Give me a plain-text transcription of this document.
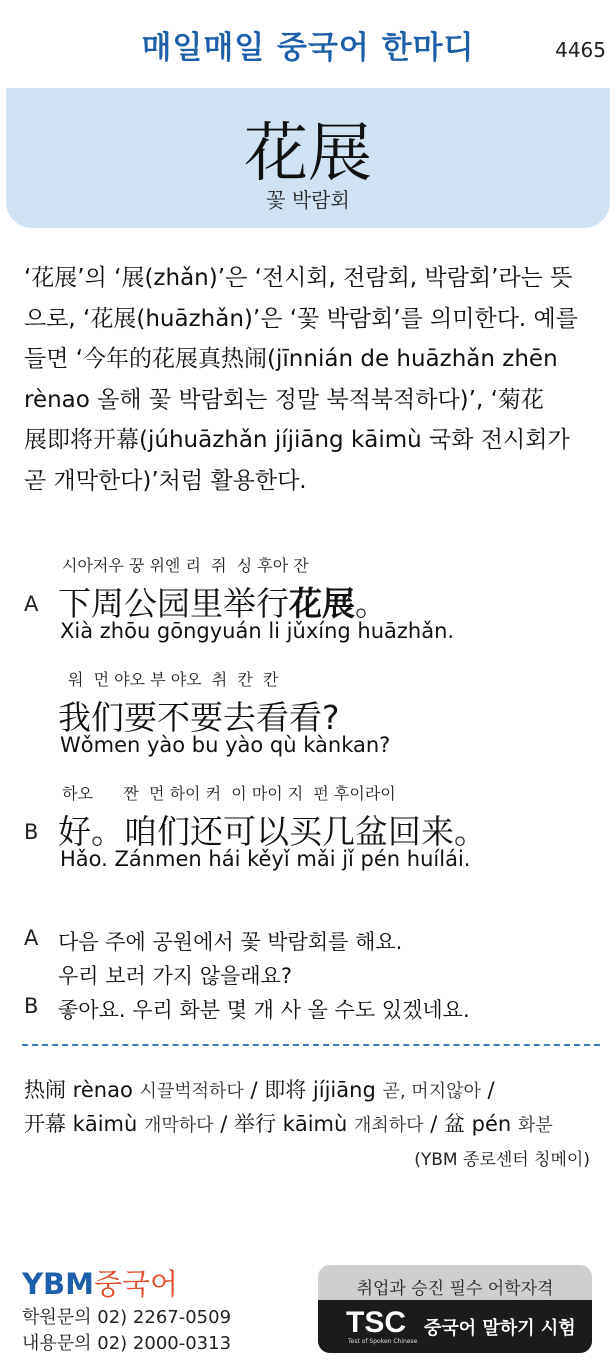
매일매일 중국어 한마디	4465
花展
꽃 박람회
‘花展’의 ‘展(zhǎn)’은 ‘전시회, 전람회, 박람회’라는 뜻
으로, ‘花展(huāzhǎn)’은 ‘꽃 박람회’를 의미한다. 예를
들면 ‘今年的花展真热闹(jīnnián de huāzhǎn zhēn
rènao 올해 꽃 박람회는 정말 북적북적하다)’, ‘菊花
展即将开幕(júhuāzhǎn jíjiāng kāimù 국화 전시회가
곧 개막한다)’처럼 활용한다.
시아저우 꿍 위엔 리  쥐  싱 후아 잔
A 下周公园里举行花展。
Xià zhōu gōngyuán li jǔxíng huāzhǎn.
워  먼 야오 부 야오  취  칸  칸
我们要不要去看看?
Wǒmen yào bu yào qù kànkan?
하오      짠  먼 하이 커  이 마이 지  펀 후이라이
B 好。咱们还可以买几盆回来。
Hǎo. Zánmen hái kěyǐ mǎi jǐ pén huílái.
A 다음 주에 공원에서 꽃 박람회를 해요.
우리 보러 가지 않을래요?
B 좋아요. 우리 화분 몇 개 사 올 수도 있겠네요.
热闹 rènao 시끌벅적하다 / 即将 jíjiāng 곧, 머지않아 /
开幕 kāimù 개막하다 / 举行 kāimù 개최하다 / 盆 pén 화분
(YBM 종로센터 칭메이)
YBM중국어
학원문의 02) 2267-0509
내용문의 02) 2000-0313
취업과 승진 필수 어학자격
TSC
Test of Spoken Chinese
중국어 말하기 시험
